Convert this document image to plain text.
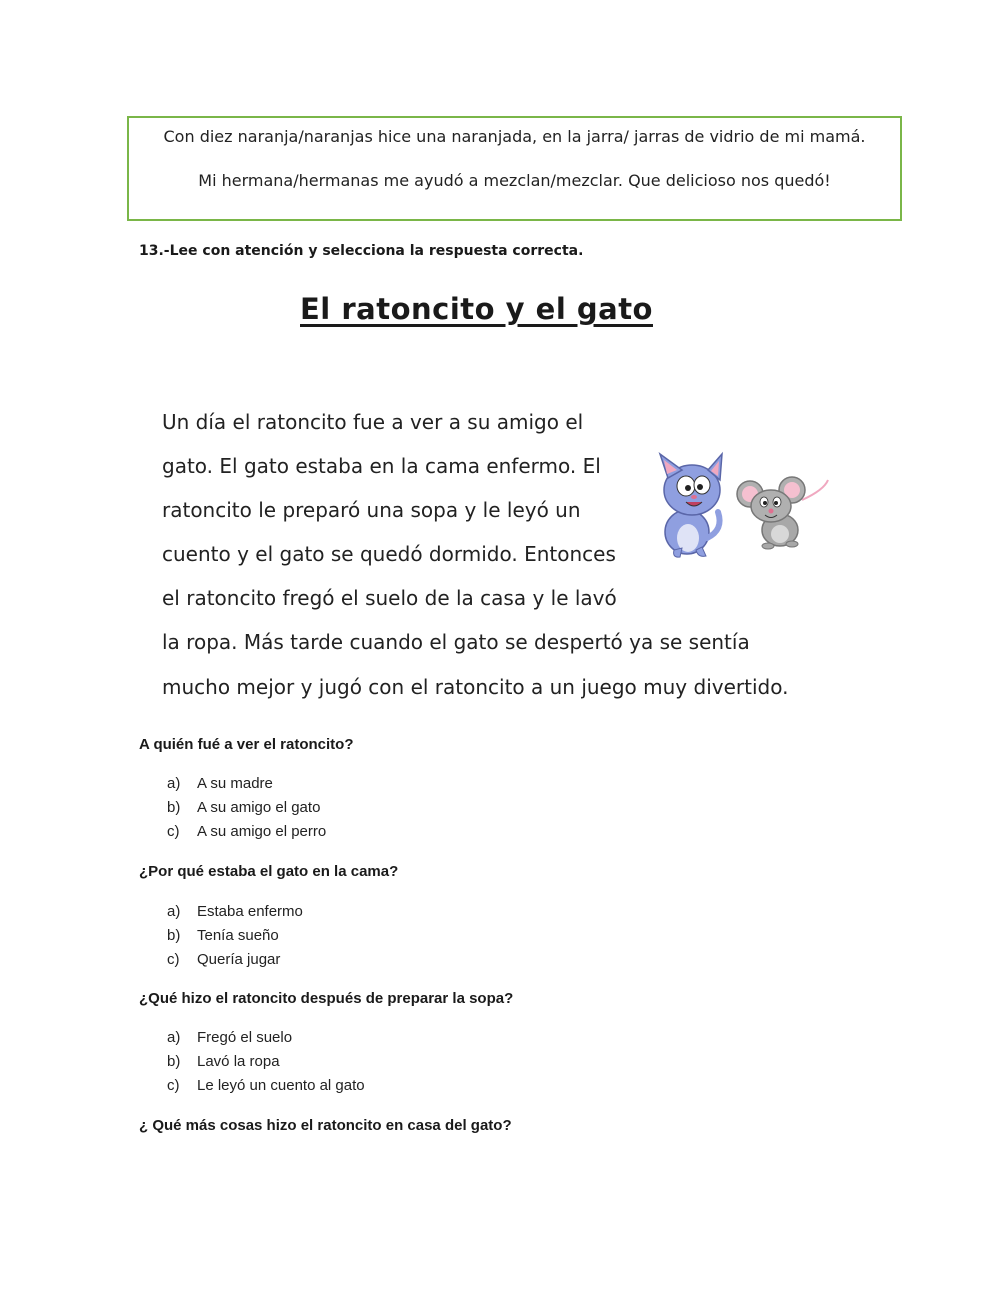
Con diez naranja/naranjas hice una naranjada, en la jarra/ jarras de vidrio de mi mamá.
Mi hermana/hermanas me ayudó a mezclan/mezclar. Que delicioso nos quedó!
13.-Lee con atención y selecciona la respuesta correcta.
El ratoncito y el gato
Un día el ratoncito fue a ver a su amigo el
gato. El gato estaba en la cama enfermo. El
ratoncito le preparó una sopa y le leyó un
cuento y el gato se quedó dormido. Entonces
el ratoncito fregó el suelo de la casa y le lavó
la ropa. Más tarde cuando el gato se despertó ya se sentía
mucho mejor y jugó con el ratoncito a un juego muy divertido.
A quién fué a ver el ratoncito?
a) A su madre
b) A su amigo el gato
c) A su amigo el perro
¿Por qué estaba el gato en la cama?
a) Estaba enfermo
b) Tenía sueño
c) Quería jugar
¿Qué hizo el ratoncito después de preparar la sopa?
a) Fregó el suelo
b) Lavó la ropa
c) Le leyó un cuento al gato
¿ Qué más cosas hizo el ratoncito en casa del gato?
